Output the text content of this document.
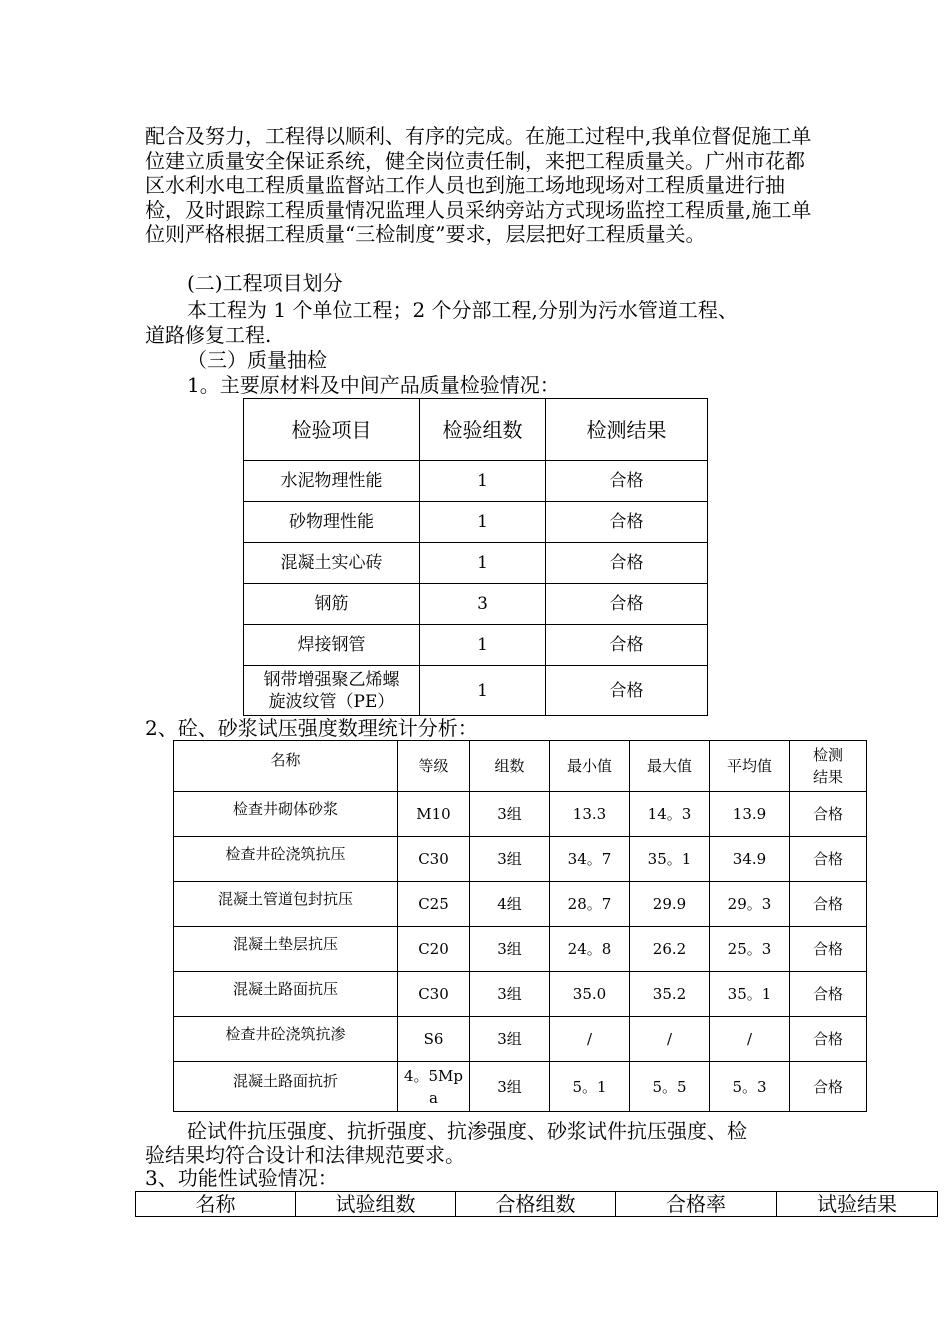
配合及努力，工程得以顺利、有序的完成。在施工过程中,我单位督促施工单位建立质量安全保证系统，健全岗位责任制，来把工程质量关。广州市花都区水利水电工程质量监督站工作人员也到施工场地现场对工程质量进行抽检，及时跟踪工程质量情况监理人员采纳旁站方式现场监控工程质量,施工单位则严格根据工程质量“三检制度”要求，层层把好工程质量关。

(二)工程项目划分
本工程为 1 个单位工程；2 个分部工程,分别为污水管道工程、
道路修复工程.
（三）质量抽检
1。主要原材料及中间产品质量检验情况：
检验项目	检验组数	检测结果
水泥物理性能	1	合格
砂物理性能	1	合格
混凝土实心砖	1	合格
钢筋	3	合格
焊接钢管	1	合格

钢带增强聚乙烯螺
旋波纹管（PE）	1	合格
2、砼、砂浆试压强度数理统计分析：
名称	等级	组数	最小值	最大值	平均值	检测
结果

检查井砌体砂浆	M10	3组	13.3	14。3	13.9	合格
检查井砼浇筑抗压	C30	3组	34。7	35。1	34.9	合格
混凝土管道包封抗压	C25	4组	28。7	29.9	29。3	合格
混凝土垫层抗压	C20	3组	24。8	26.2	25。3	合格
混凝土路面抗压	C30	3组	35.0	35.2	35。1	合格
检查井砼浇筑抗渗	S6	3组	/	/	/	合格
混凝土路面抗折	4。5Mp
a	3组	5。1	5。5	5。3	合格
砼试件抗压强度、抗折强度、抗渗强度、砂浆试件抗压强度、检
验结果均符合设计和法律规范要求。
3、功能性试验情况：
名称	试验组数	合格组数	合格率	试验结果
